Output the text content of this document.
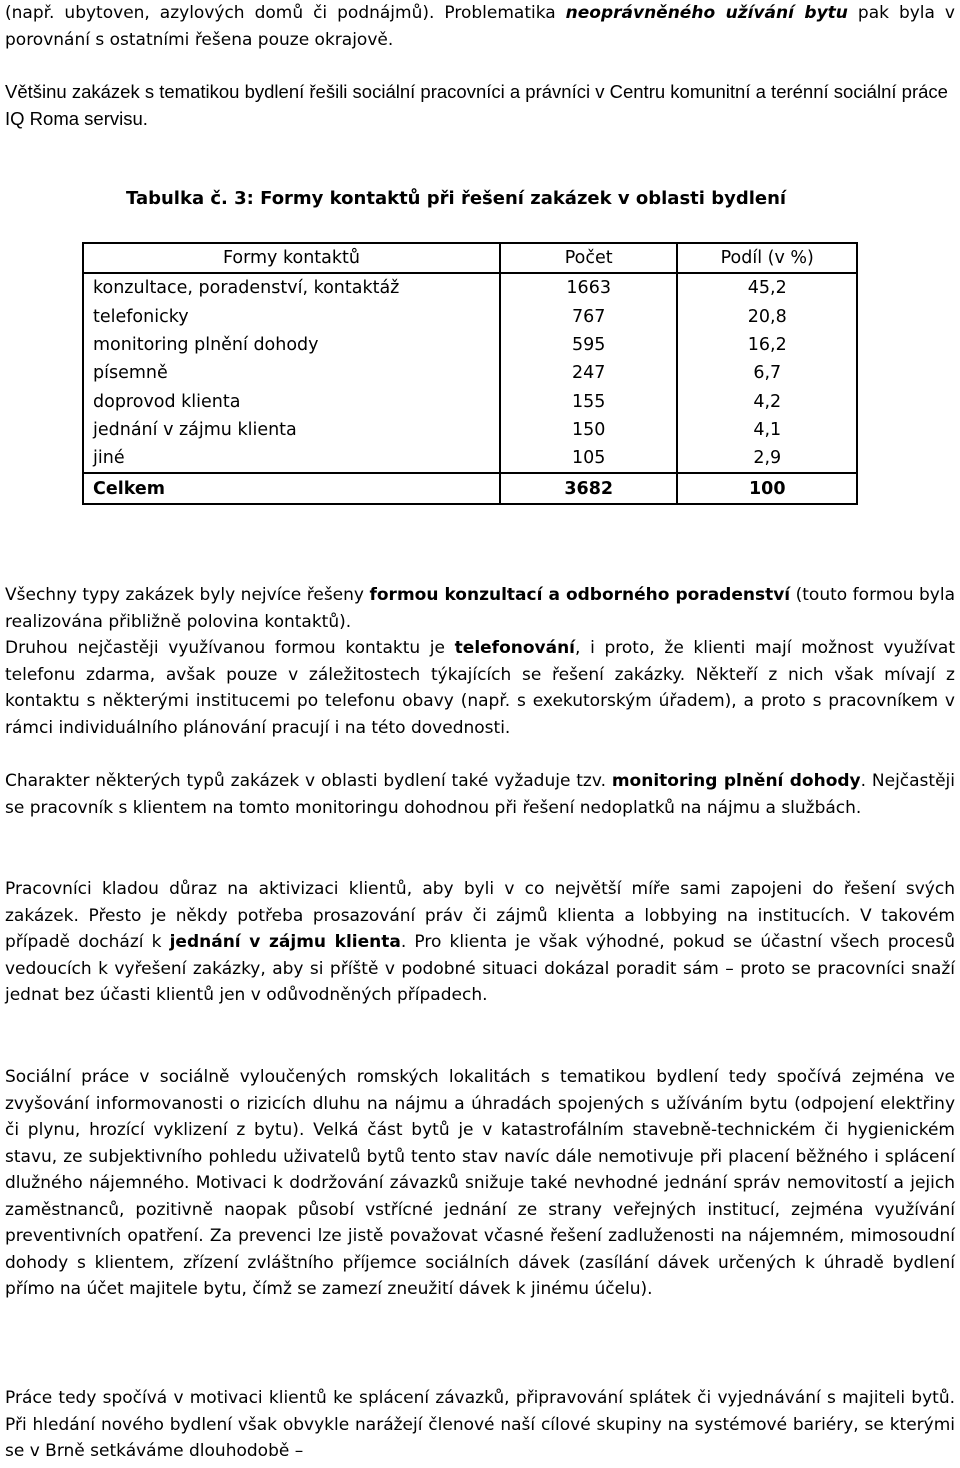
(např. ubytoven, azylových domů či podnájmů). Problematika neoprávněného užívání bytu pak byla v porovnání s ostatními řešena pouze okrajově.

Většinu zakázek s tematikou bydlení řešili sociální pracovníci a právníci v Centru komunitní a terénní sociální práce IQ Roma servisu.

Tabulka č. 3: Formy kontaktů při řešení zakázek v oblasti bydlení

Formy kontaktů	Počet	Podíl (v %)
konzultace, poradenství, kontaktáž	1663	45,2
telefonicky	767	20,8
monitoring plnění dohody	595	16,2
písemně	247	6,7
doprovod klienta	155	4,2
jednání v zájmu klienta	150	4,1
jiné	105	2,9
Celkem	3682	100

Všechny typy zakázek byly nejvíce řešeny formou konzultací a odborného poradenství (touto formou byla realizována přibližně polovina kontaktů).

Druhou nejčastěji využívanou formou kontaktu je telefonování, i proto, že klienti mají možnost využívat telefonu zdarma, avšak pouze v záležitostech týkajících se řešení zakázky. Někteří z nich však mívají z kontaktu s některými institucemi po telefonu obavy (např. s exekutorským úřadem), a proto s pracovníkem v rámci individuálního plánování pracují i na této dovednosti.

Charakter některých typů zakázek v oblasti bydlení také vyžaduje tzv. monitoring plnění dohody. Nejčastěji se pracovník s klientem na tomto monitoringu dohodnou při řešení nedoplatků na nájmu a službách.

Pracovníci kladou důraz na aktivizaci klientů, aby byli v co největší míře sami zapojeni do řešení svých zakázek. Přesto je někdy potřeba prosazování práv či zájmů klienta a lobbying na institucích. V takovém případě dochází k jednání v zájmu klienta. Pro klienta je však výhodné, pokud se účastní všech procesů vedoucích k vyřešení zakázky, aby si příště v podobné situaci dokázal poradit sám – proto se pracovníci snaží jednat bez účasti klientů jen v odůvodněných případech.

Sociální práce v sociálně vyloučených romských lokalitách s tematikou bydlení tedy spočívá zejména ve zvyšování informovanosti o rizicích dluhu na nájmu a úhradách spojených s užíváním bytu (odpojení elektřiny či plynu, hrozící vyklizení z bytu). Velká část bytů je v katastrofálním stavebně-technickém či hygienickém stavu, ze subjektivního pohledu uživatelů bytů tento stav navíc dále nemotivuje při placení běžného i splácení dlužného nájemného. Motivaci k dodržování závazků snižuje také nevhodné jednání správ nemovitostí a jejich zaměstnanců, pozitivně naopak působí vstřícné jednání ze strany veřejných institucí, zejména využívání preventivních opatření. Za prevenci lze jistě považovat včasné řešení zadluženosti na nájemném, mimosoudní dohody s klientem, zřízení zvláštního příjemce sociálních dávek (zasílání dávek určených k úhradě bydlení přímo na účet majitele bytu, čímž se zamezí zneužití dávek k jinému účelu).

Práce tedy spočívá v motivaci klientů ke splácení závazků, připravování splátek či vyjednávání s majiteli bytů. Při hledání nového bydlení však obvykle narážejí členové naší cílové skupiny na systémové bariéry, se kterými se v Brně setkáváme dlouhodobě –
